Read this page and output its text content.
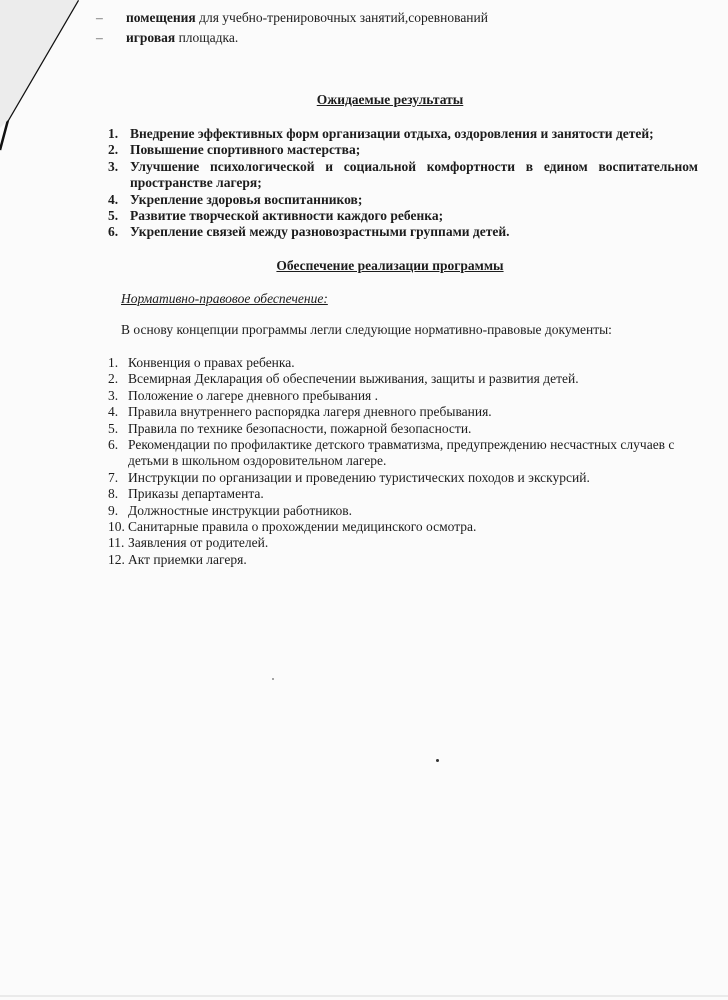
– помещения для учебно-тренировочных занятий,соревнований
– игровая площадка.
Ожидаемые результаты
1. Внедрение эффективных форм организации отдыха, оздоровления и занятости детей;
2. Повышение спортивного мастерства;
3. Улучшение психологической и социальной комфортности в едином воспитательном пространстве лагеря;
4. Укрепление здоровья воспитанников;
5. Развитие творческой активности каждого ребенка;
6. Укрепление связей между разновозрастными группами детей.
Обеспечение реализации программы
Нормативно-правовое обеспечение:
В основу концепции программы легли следующие нормативно-правовые документы:
1. Конвенция о правах ребенка.
2. Всемирная Декларация об обеспечении выживания, защиты и развития детей.
3. Положение о лагере дневного пребывания .
4. Правила внутреннего распорядка лагеря дневного пребывания.
5. Правила по технике безопасности, пожарной безопасности.
6. Рекомендации по профилактике детского травматизма, предупреждению несчастных случаев с детьми в школьном оздоровительном лагере.
7. Инструкции по организации и проведению туристических походов и экскурсий.
8. Приказы департамента.
9. Должностные инструкции работников.
10. Санитарные правила о прохождении медицинского осмотра.
11. Заявления от родителей.
12. Акт приемки лагеря.
